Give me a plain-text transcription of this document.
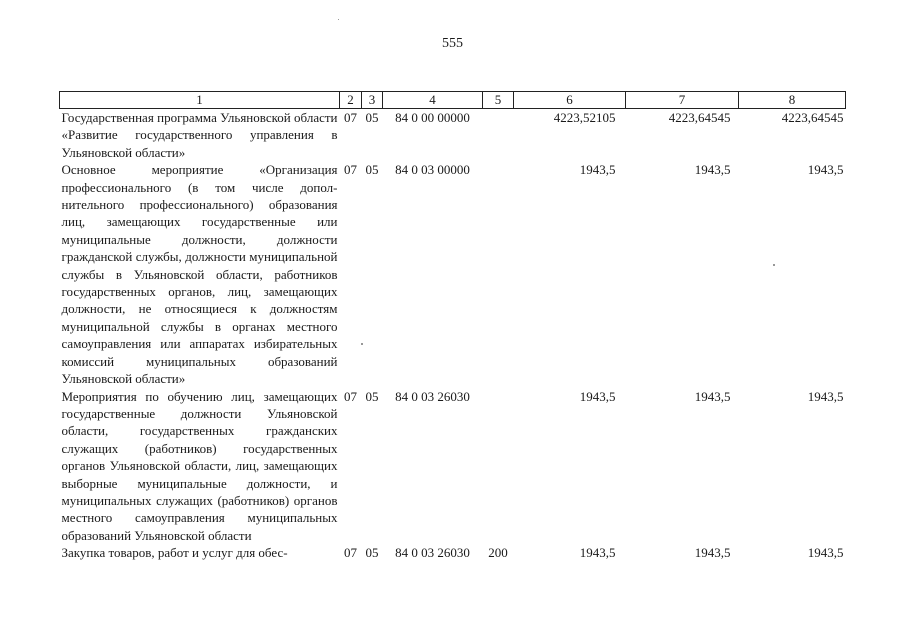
555
1	2	3	4	5	6	7	8
Государственная программа Ульяновской области «Развитие государственного управления в Ульяновской области»	07	05	84 0 00 00000		4223,52105	4223,64545	4223,64545
Основное мероприятие «Организация профессионального (в том числе дополнительного профессионального) образования лиц, замещающих государственные или муниципальные должности, должности гражданской службы, должности муниципальной службы в Ульяновской области, работников государственных органов, лиц, замещающих должности, не относящиеся к должностям муниципальной службы в органах местного самоуправления или аппаратах избирательных комиссий муниципальных образований Ульяновской области»	07	05	84 0 03 00000		1943,5	1943,5	1943,5
Мероприятия по обучению лиц, замещающих государственные должности Ульяновской области, государственных гражданских служащих (работников) государственных органов Ульяновской области, лиц, замещающих выборные муниципальные должности, и муниципальных служащих (работников) органов местного самоуправления муниципальных образований Ульяновской области	07	05	84 0 03 26030		1943,5	1943,5	1943,5
Закупка товаров, работ и услуг для обес-	07	05	84 0 03 26030	200	1943,5	1943,5	1943,5
